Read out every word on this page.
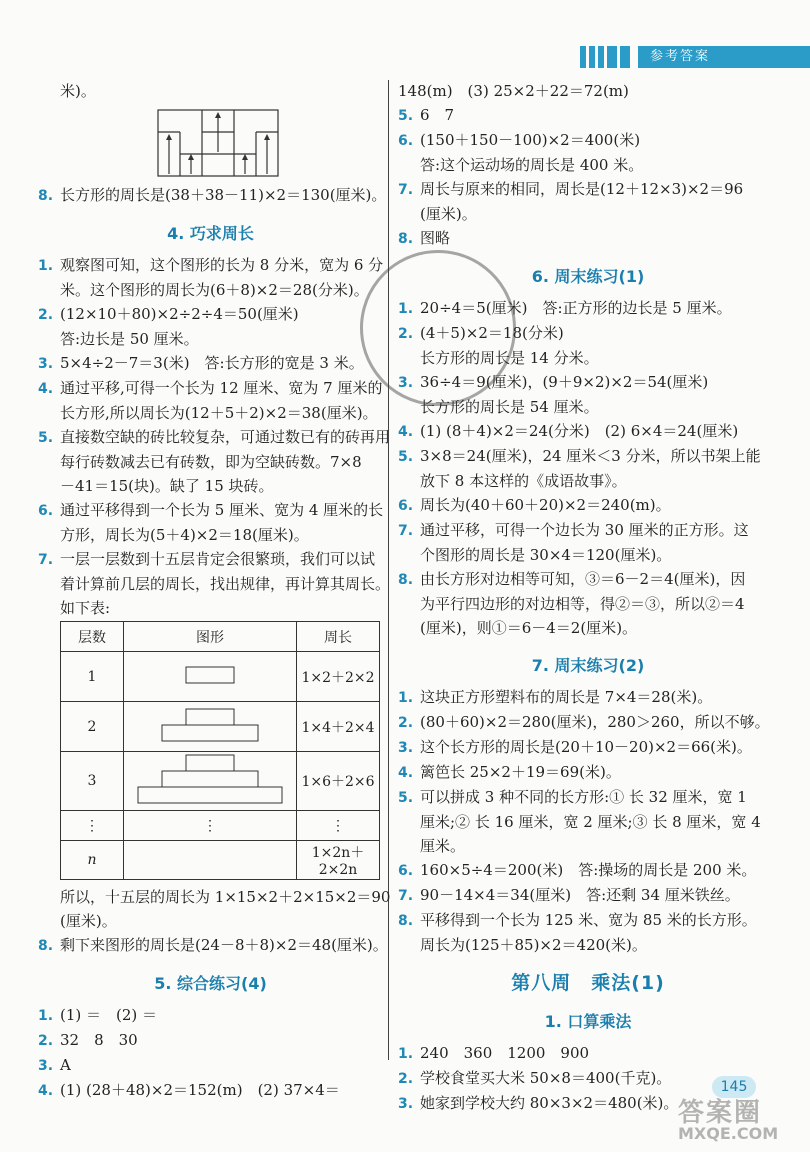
参考答案
米)。
8. 长方形的周长是(38＋38－11)×2＝130(厘米)。
4. 巧求周长
1. 观察图可知，这个图形的长为 8 分米，宽为 6 分
米。这个图形的周长为(6＋8)×2＝28(分米)。
2. (12×10＋80)×2÷2÷4＝50(厘米)
答:边长是 50 厘米。
3. 5×4÷2－7＝3(米)　答:长方形的宽是 3 米。
4. 通过平移,可得一个长为 12 厘米、宽为 7 厘米的
长方形,所以周长为(12＋5＋2)×2＝38(厘米)。
5. 直接数空缺的砖比较复杂，可通过数已有的砖再用
每行砖数减去已有砖数，即为空缺砖数。7×8
－41＝15(块)。缺了 15 块砖。
6. 通过平移得到一个长为 5 厘米、宽为 4 厘米的长
方形，周长为(5＋4)×2＝18(厘米)。
7. 一层一层数到十五层肯定会很繁琐，我们可以试
着计算前几层的周长，找出规律，再计算其周长。
如下表:
层数	图形	周长
1		1×2＋2×2
2		1×4＋2×4
3		1×6＋2×6
⋮	⋮	⋮
n		1×2n＋2×2n
所以，十五层的周长为 1×15×2＋2×15×2＝90
(厘米)。
8. 剩下来图形的周长是(24－8＋8)×2＝48(厘米)。
5. 综合练习(4)
1. (1) ＝　(2) ＝
2. 32　8　30
3. A
4. (1) (28＋48)×2＝152(m)　(2) 37×4＝
148(m)　(3) 25×2＋22＝72(m)
5. 6　7
6. (150＋150－100)×2＝400(米)
答:这个运动场的周长是 400 米。
7. 周长与原来的相同，周长是(12＋12×3)×2＝96
(厘米)。
8. 图略
6. 周末练习(1)
1. 20÷4＝5(厘米)　答:正方形的边长是 5 厘米。
2. (4＋5)×2＝18(分米)
长方形的周长是 14 分米。
3. 36÷4＝9(厘米)，(9＋9×2)×2＝54(厘米)
长方形的周长是 54 厘米。
4. (1) (8＋4)×2＝24(分米)　(2) 6×4＝24(厘米)
5. 3×8＝24(厘米)，24 厘米＜3 分米，所以书架上能
放下 8 本这样的《成语故事》。
6. 周长为(40＋60＋20)×2＝240(m)。
7. 通过平移，可得一个边长为 30 厘米的正方形。这
个图形的周长是 30×4＝120(厘米)。
8. 由长方形对边相等可知，③＝6－2＝4(厘米)，因
为平行四边形的对边相等，得②＝③，所以②＝4
(厘米)，则①＝6－4＝2(厘米)。
7. 周末练习(2)
1. 这块正方形塑料布的周长是 7×4＝28(米)。
2. (80＋60)×2＝280(厘米)，280＞260，所以不够。
3. 这个长方形的周长是(20＋10－20)×2＝66(米)。
4. 篱笆长 25×2＋19＝69(米)。
5. 可以拼成 3 种不同的长方形:① 长 32 厘米，宽 1
厘米;② 长 16 厘米，宽 2 厘米;③ 长 8 厘米，宽 4
厘米。
6. 160×5÷4＝200(米)　答:操场的周长是 200 米。
7. 90－14×4＝34(厘米)　答:还剩 34 厘米铁丝。
8. 平移得到一个长为 125 米、宽为 85 米的长方形。
周长为(125＋85)×2＝420(米)。
第八周　乘法(1)
1. 口算乘法
1. 240　360　1200　900
2. 学校食堂买大米 50×8＝400(千克)。
3. 她家到学校大约 80×3×2＝480(米)。
145
答案圈
MXQE.COM
